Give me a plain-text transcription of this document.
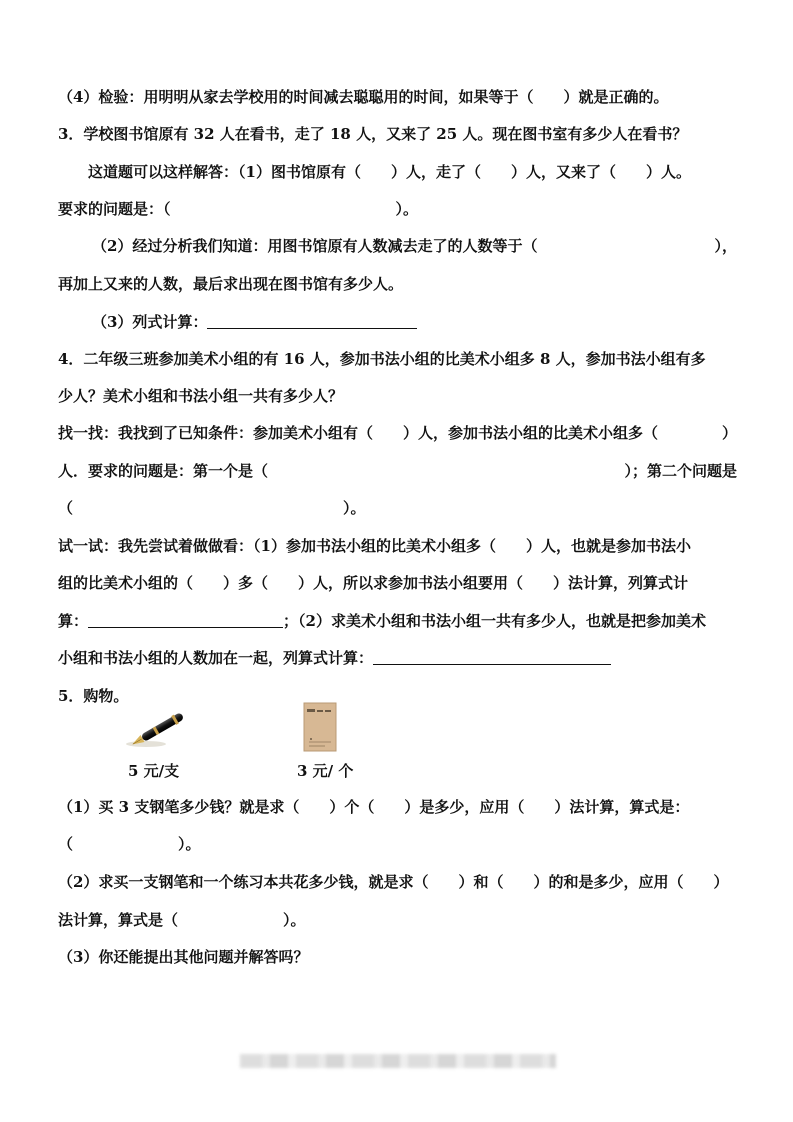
（4）检验：用明明从家去学校用的时间减去聪聪用的时间，如果等于（　　）就是正确的。
3．学校图书馆原有 32 人在看书，走了 18 人，又来了 25 人。现在图书室有多少人在看书？
这道题可以这样解答：（1）图书馆原有（　　）人，走了（　　）人，又来了（　　）人。
要求的问题是：（　　　　　　　　　　　　　　　）。
（2）经过分析我们知道：用图书馆原有人数减去走了的人数等于（	），
再加上又来的人数，最后求出现在图书馆有多少人。
（3）列式计算：
4．二年级三班参加美术小组的有 16 人，参加书法小组的比美术小组多 8 人，参加书法小组有多
少人？美术小组和书法小组一共有多少人？
找一找：我找到了已知条件：参加美术小组有（　　）人，参加书法小组的比美术小组多（	）
人．要求的问题是：第一个是（	）；第二个问题是
（　　　　　　　　　　　　　　　　　　）。
试一试：我先尝试着做做看：（1）参加书法小组的比美术小组多（　　）人，也就是参加书法小
组的比美术小组的（　　）多（　　）人，所以求参加书法小组要用（　　）法计算，列算式计
算：	；（2）求美术小组和书法小组一共有多少人，也就是把参加美术
小组和书法小组的人数加在一起，列算式计算：
5．购物。
5 元/支	3 元/ 个
（1）买 3 支钢笔多少钱？就是求（　　）个（　　）是多少，应用（　　）法计算，算式是：
（　　　　　　　）。
（2）求买一支钢笔和一个练习本共花多少钱，就是求（　　）和（　　）的和是多少，应用（　　）
法计算，算式是（　　　　　　　）。
（3）你还能提出其他问题并解答吗？
